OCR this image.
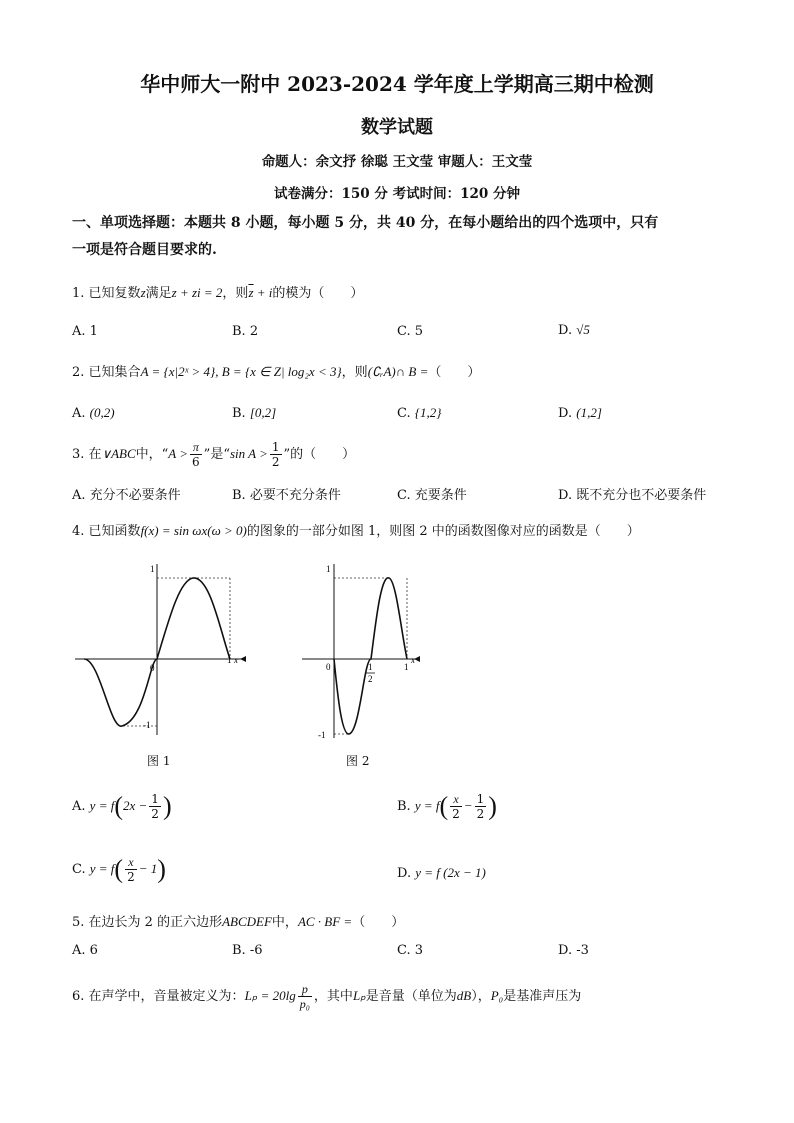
华中师大一附中 2023-2024 学年度上学期高三期中检测
数学试题
命题人：余文抒 徐聪 王文莹 审题人：王文莹
试卷满分：150 分 考试时间：120 分钟
一、单项选择题：本题共 8 小题，每小题 5 分，共 40 分，在每小题给出的四个选项中，只有
一项是符合题目要求的.
1. 已知复数z满足z + zi = 2，则$\overline{z} + i$的模为（　　）
A. 1	B. 2	C. 5	D. √5
2. 已知集合A = {x|2ˣ > 4}, B = {x ∈ Z| log₂x < 3}，则(∁ᵣA)∩ B =（　　）
A. (0,2)	B. [0,2]	C. {1,2}	D. (1,2]
3. 在∨ABC中，“$A > \frac{\pi}{6}$ ”是“sin $A > \frac{1}{2}$ ”的（　　）
A. 充分不必要条件	B. 必要不充分条件	C. 充要条件	D. 既不充分也不必要条件
4. 已知函数f(x) = sin ωx(ω > 0)的图象的一部分如图 1，则图 2 中的函数图像对应的函数是（　　）
1
-1
0
1 x
1
-1
0	1
2
1
x
图 1	图 2
A. $y = f(2x - \frac{1}{2}$ )	B. $y = f( \frac{x}{2} - \frac{1}{2}$ )
C. $y = f( \frac{x}{2} - 1)$	D. y = f (2x − 1)
5. 在边长为 2 的正六边形ABCDEF中，AC · BF =（　　）
A. 6	B. -6	C. 3	D. -3
6. 在声学中，音量被定义为：$L_p = 20\lg \frac{p}{\text{p₀}}$ ，其中Lₚ是音量（单位为dB），P₀是基准声压为
